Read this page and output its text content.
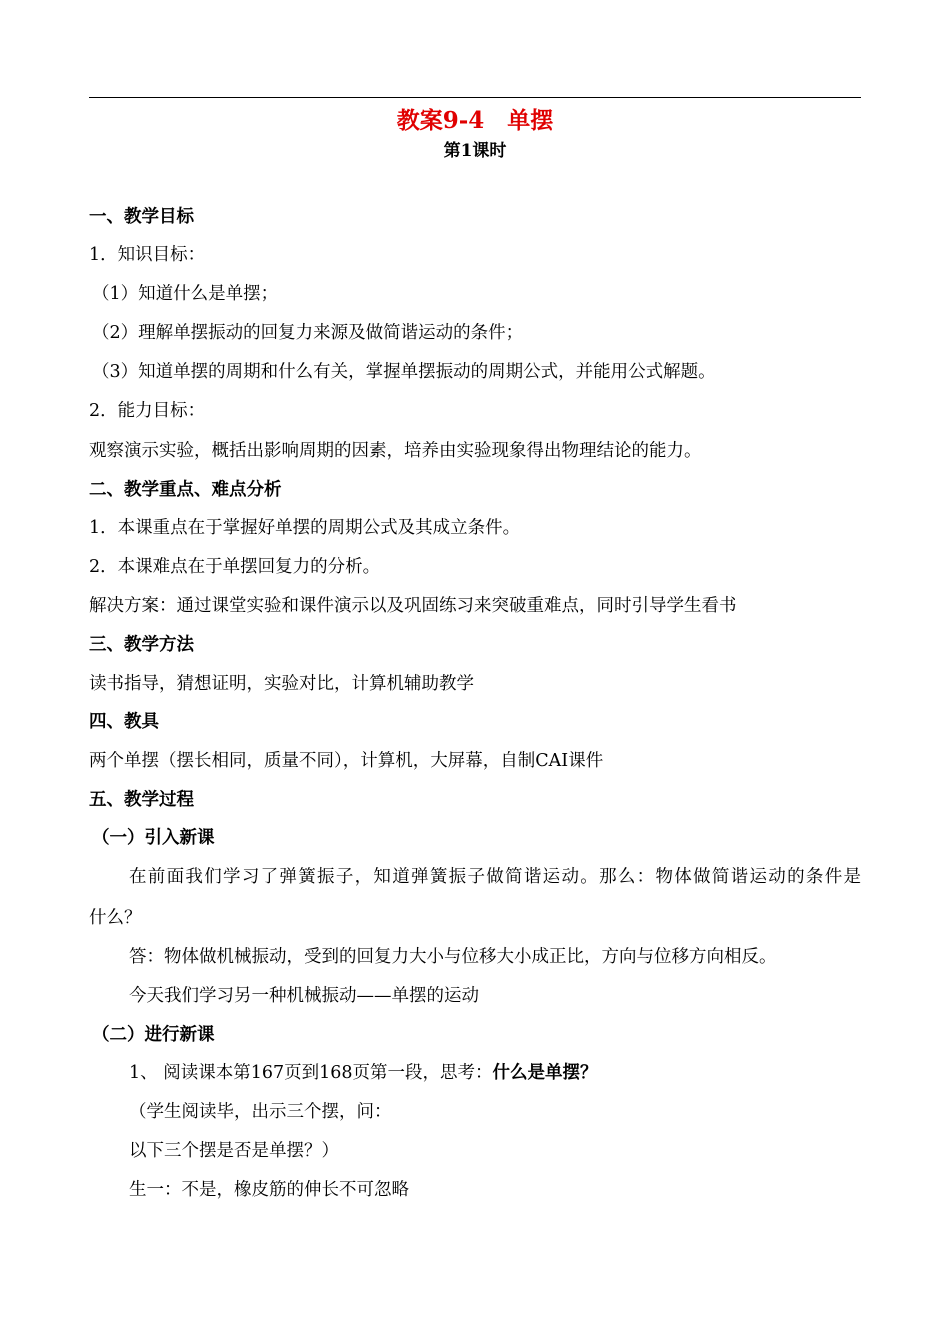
教案9-4　单摆
第1课时
一、教学目标
1．知识目标：
（1）知道什么是单摆；
（2）理解单摆振动的回复力来源及做简谐运动的条件；
（3）知道单摆的周期和什么有关，掌握单摆振动的周期公式，并能用公式解题。
2．能力目标：
观察演示实验，概括出影响周期的因素，培养由实验现象得出物理结论的能力。
二、教学重点、难点分析
1．本课重点在于掌握好单摆的周期公式及其成立条件。
2．本课难点在于单摆回复力的分析。
解决方案：通过课堂实验和课件演示以及巩固练习来突破重难点，同时引导学生看书
三、教学方法
读书指导，猜想证明，实验对比，计算机辅助教学
四、教具
两个单摆（摆长相同，质量不同），计算机，大屏幕，自制CAI课件
五、教学过程
（一）引入新课
在前面我们学习了弹簧振子，知道弹簧振子做简谐运动。那么：物体做简谐运动的条件是
什么？
答：物体做机械振动，受到的回复力大小与位移大小成正比，方向与位移方向相反。
今天我们学习另一种机械振动——单摆的运动
（二）进行新课
1、 阅读课本第167页到168页第一段，思考：什么是单摆？
（学生阅读毕，出示三个摆，问：
以下三个摆是否是单摆？）
生一：不是，橡皮筋的伸长不可忽略
